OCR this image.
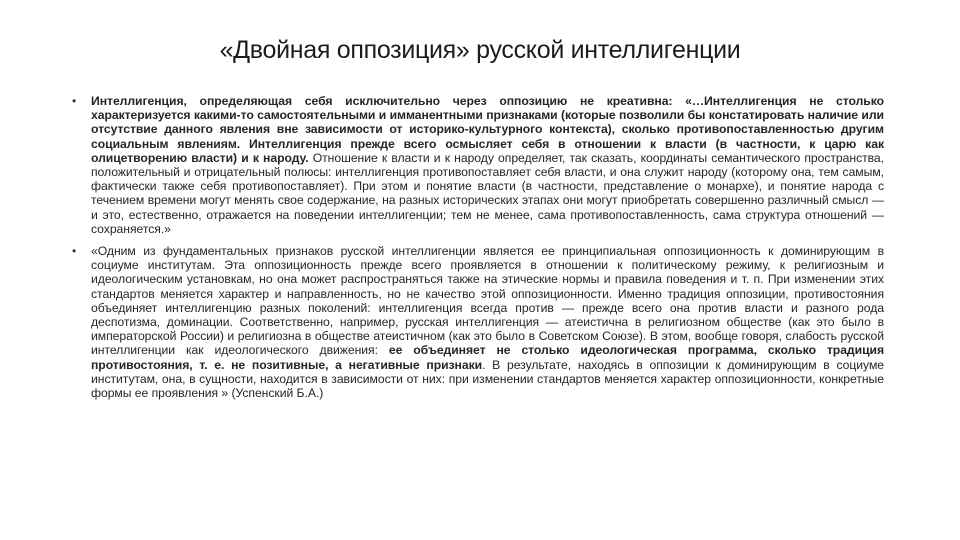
«Двойная оппозиция» русской интеллигенции
• Интеллигенция, определяющая себя исключительно через оппозицию не креативна: «…Интеллигенция не столько характеризуется какими-то самостоятельными и имманентными признаками (которые позволили бы констатировать наличие или отсутствие данного явления вне зависимости от историко-культурного контекста), сколько противопоставленностью другим социальным явлениям. Интеллигенция прежде всего осмысляет себя в отношении к власти (в частности, к царю как олицетворению власти) и к народу. Отношение к власти и к народу определяет, так сказать, координаты семантического пространства, положительный и отрицательный полюсы: интеллигенция противопоставляет себя власти, и она служит народу (которому она, тем самым, фактически также себя противопоставляет). При этом и понятие власти (в частности, представление о монархе), и понятие народа с течением времени могут менять свое содержание, на разных исторических этапах они могут приобретать совершенно различный смысл — и это, естественно, отражается на поведении интеллигенции; тем не менее, сама противопоставленность, сама структура отношений — сохраняется.»
• «Одним из фундаментальных признаков русской интеллигенции является ее принципиальная оппозиционность к доминирующим в социуме институтам. Эта оппозиционность прежде всего проявляется в отношении к политическому режиму, к религиозным и идеологическим установкам, но она может распространяться также на этические нормы и правила поведения и т. п. При изменении этих стандартов меняется характер и направленность, но не качество этой оппозиционности. Именно традиция оппозиции, противостояния объединяет интеллигенцию разных поколений: интеллигенция всегда против — прежде всего она против власти и разного рода деспотизма, доминации. Соответственно, например, русская интеллигенция — атеистична в религиозном обществе (как это было в императорской России) и религиозна в обществе атеистичном (как это было в Советском Союзе). В этом, вообще говоря, слабость русской интеллигенции как идеологического движения: ее объединяет не столько идеологическая программа, сколько традиция противостояния, т. е. не позитивные, а негативные признаки. В результате, находясь в оппозиции к доминирующим в социуме институтам, она, в сущности, находится в зависимости от них: при изменении стандартов меняется характер оппозиционности, конкретные формы ее проявления » (Успенский Б.А.)
